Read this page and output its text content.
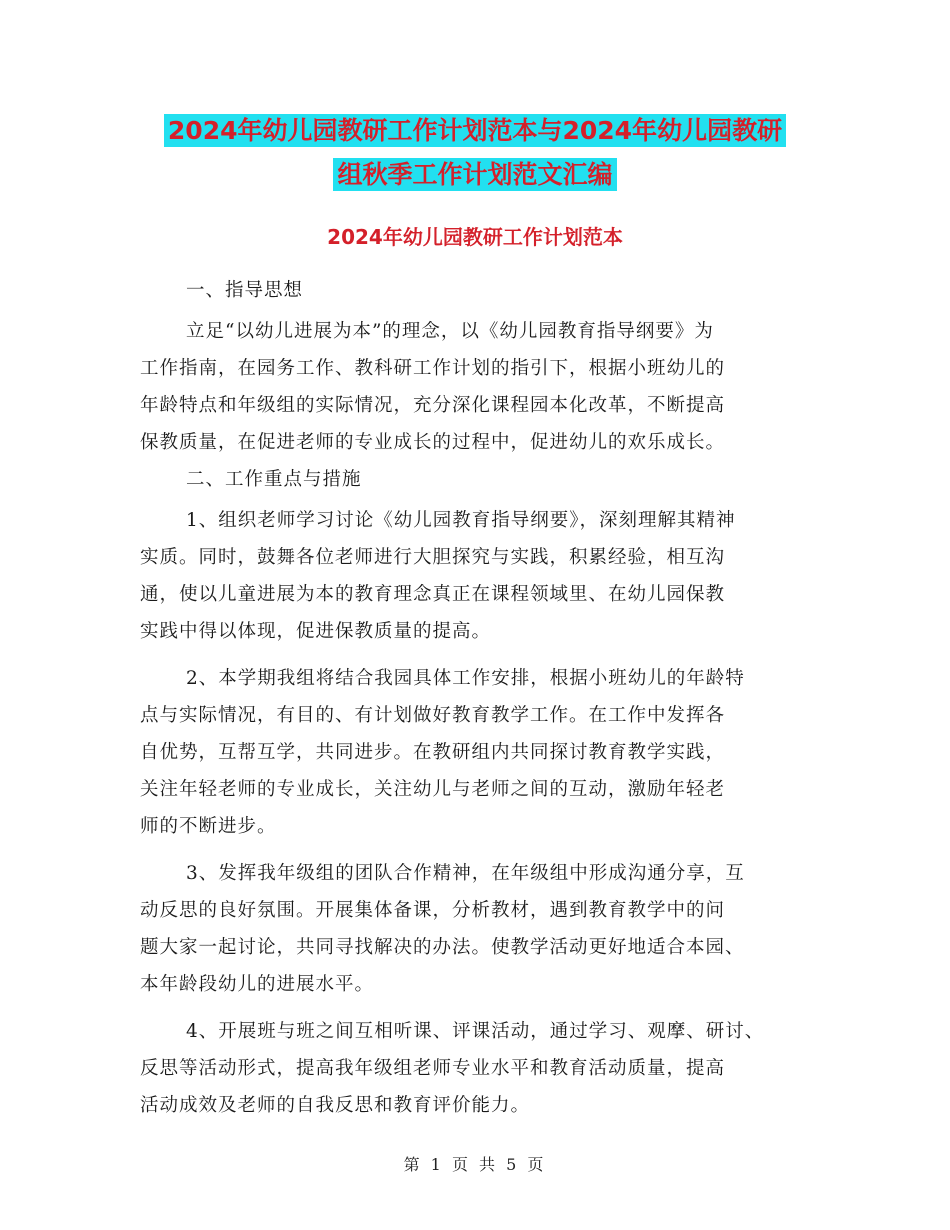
2024年幼儿园教研工作计划范本与2024年幼儿园教研
组秋季工作计划范文汇编
2024年幼儿园教研工作计划范本
一、指导思想
立足“以幼儿进展为本”的理念，以《幼儿园教育指导纲要》为
工作指南，在园务工作、教科研工作计划的指引下，根据小班幼儿的
年龄特点和年级组的实际情况，充分深化课程园本化改革，不断提高
保教质量，在促进老师的专业成长的过程中，促进幼儿的欢乐成长。
二、工作重点与措施
1、组织老师学习讨论《幼儿园教育指导纲要》，深刻理解其精神
实质。同时，鼓舞各位老师进行大胆探究与实践，积累经验，相互沟
通，使以儿童进展为本的教育理念真正在课程领域里、在幼儿园保教
实践中得以体现，促进保教质量的提高。
2、本学期我组将结合我园具体工作安排，根据小班幼儿的年龄特
点与实际情况，有目的、有计划做好教育教学工作。在工作中发挥各
自优势，互帮互学，共同进步。在教研组内共同探讨教育教学实践，
关注年轻老师的专业成长，关注幼儿与老师之间的互动，激励年轻老
师的不断进步。
3、发挥我年级组的团队合作精神，在年级组中形成沟通分享，互
动反思的良好氛围。开展集体备课，分析教材，遇到教育教学中的问
题大家一起讨论，共同寻找解决的办法。使教学活动更好地适合本园、
本年龄段幼儿的进展水平。
4、开展班与班之间互相听课、评课活动，通过学习、观摩、研讨、
反思等活动形式，提高我年级组老师专业水平和教育活动质量，提高
活动成效及老师的自我反思和教育评价能力。
第 1 页 共 5 页
